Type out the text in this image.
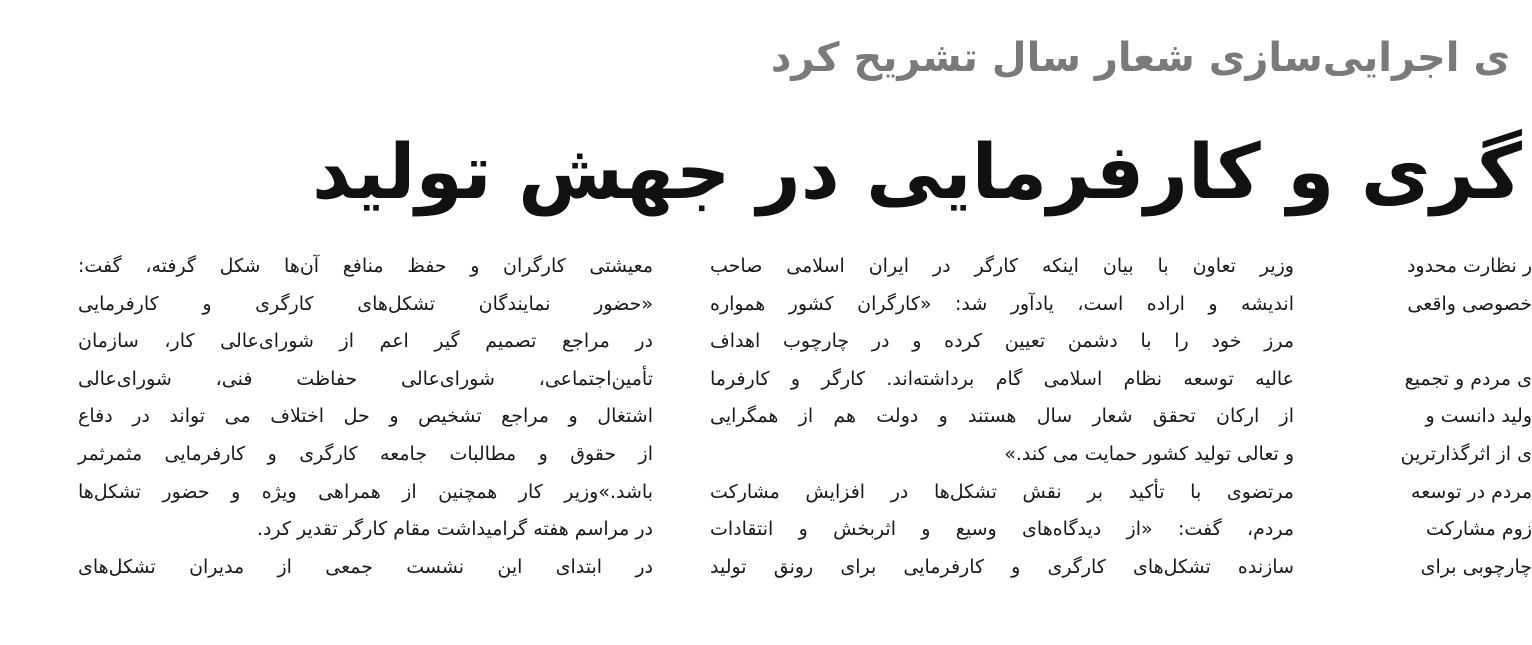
ی اجرایی‌سازی شعار سال تشریح کرد
گری و کارفرمایی در جهش تولید
ر نظارت محدود
خصوصی واقعی
ی مردم و تجمیع
ولید دانست و
ی از اثرگذارترین
مردم در توسعه
زوم مشارکت
چارچوبی برای
وزیر تعاون با بیان اینکه کارگر در ایران اسلامی صاحب
اندیشه و اراده است، یادآور شد: «کارگران کشور همواره
مرز خود را با دشمن تعیین کرده و در چارچوب اهداف
عالیه توسعه نظام اسلامی گام برداشته‌اند. کارگر و کارفرما
از ارکان تحقق شعار سال هستند و دولت هم از همگرایی
و تعالی تولید کشور حمایت می کند.»
مرتضوی با تأکید بر نقش تشکل‌ها در افزایش مشارکت
مردم، گفت: «از دیدگاه‌های وسیع و اثربخش و انتقادات
سازنده تشکل‌های کارگری و کارفرمایی برای رونق تولید
معیشتی کارگران و حفظ منافع آن‌ها شکل گرفته، گفت:
«حضور نمایندگان تشکل‌های کارگری و کارفرمایی
در مراجع تصمیم گیر اعم از شورای‌عالی کار، سازمان
تأمین‌اجتماعی، شورای‌عالی حفاظت فنی، شورای‌عالی
اشتغال و مراجع تشخیص و حل اختلاف می تواند در دفاع
از حقوق و مطالبات جامعه کارگری و کارفرمایی مثمرثمر
باشد.»وزیر کار همچنین از همراهی ویژه و حضور تشکل‌ها
در مراسم هفته گرامیداشت مقام کارگر تقدیر کرد.
در ابتدای این نشست جمعی از مدیران تشکل‌های
